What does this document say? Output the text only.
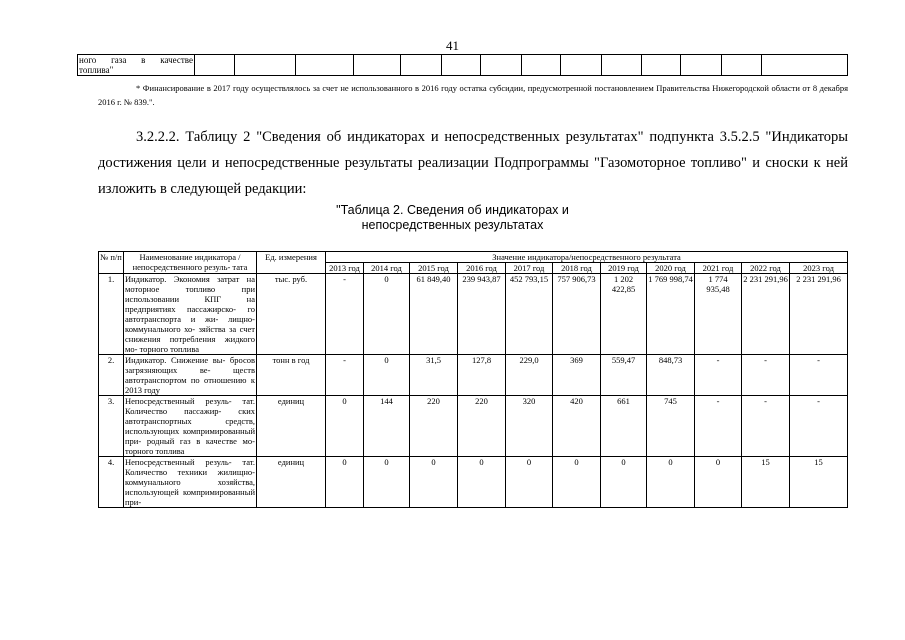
41
ного газа в качестве
топлива"

* Финансирование в 2017 году осуществлялось за счет не использованного в 2016 году остатка субсидии, предусмотренной постановлением Правительства Нижегородской области от 8 декабря 2016 г. № 839.".

3.2.2.2. Таблицу 2 "Сведения об индикаторах и непосредственных результатах" подпункта 3.5.2.5 "Индикаторы достижения цели и непосредственные результаты реализации Подпрограммы "Газомоторное топливо" и сноски к ней изложить в следующей редакции:

"Таблица 2. Сведения об индикаторах и
непосредственных результатах
№ п/п	Наименование индикатора / непосредственного резуль- тата	Ед. измерения	Значение индикатора/непосредственного результата										
			2013 год	2014 год	2015 год	2016 год	2017 год	2018 год	2019 год	2020 год	2021 год	2022 год	2023 год
1.	Индикатор. Экономия затрат на моторное топливо при использовании КПГ на предприятиях пассажирско- го автотранспорта и жи- лищно- коммунального хо- зяйства за счет снижения потребления жидкого мо- торного топлива	тыс. руб.	-	0	61 849,40	239 943,87	452 793,15	757 906,73	1 202 422,85	1 769 998,74	1 774 935,48	2 231 291,96	2 231 291,96
2.	Индикатор. Снижение вы- бросов загрязняющих ве- ществ автотранспортом по отношению к 2013 году	тонн в год	-	0	31,5	127,8	229,0	369	559,47	848,73	-	-	-
3.	Непосредственный резуль- тат. Количество пассажир- ских автотранспортных средств, использующих компримированный при- родный газ в качестве мо- торного топлива	единиц	0	144	220	220	320	420	661	745	-	-	-
4.	Непосредственный резуль- тат. Количество техники жилищно- коммунального хозяйства, использующей компримированный при-	единиц	0	0	0	0	0	0	0	0	0	15	15
